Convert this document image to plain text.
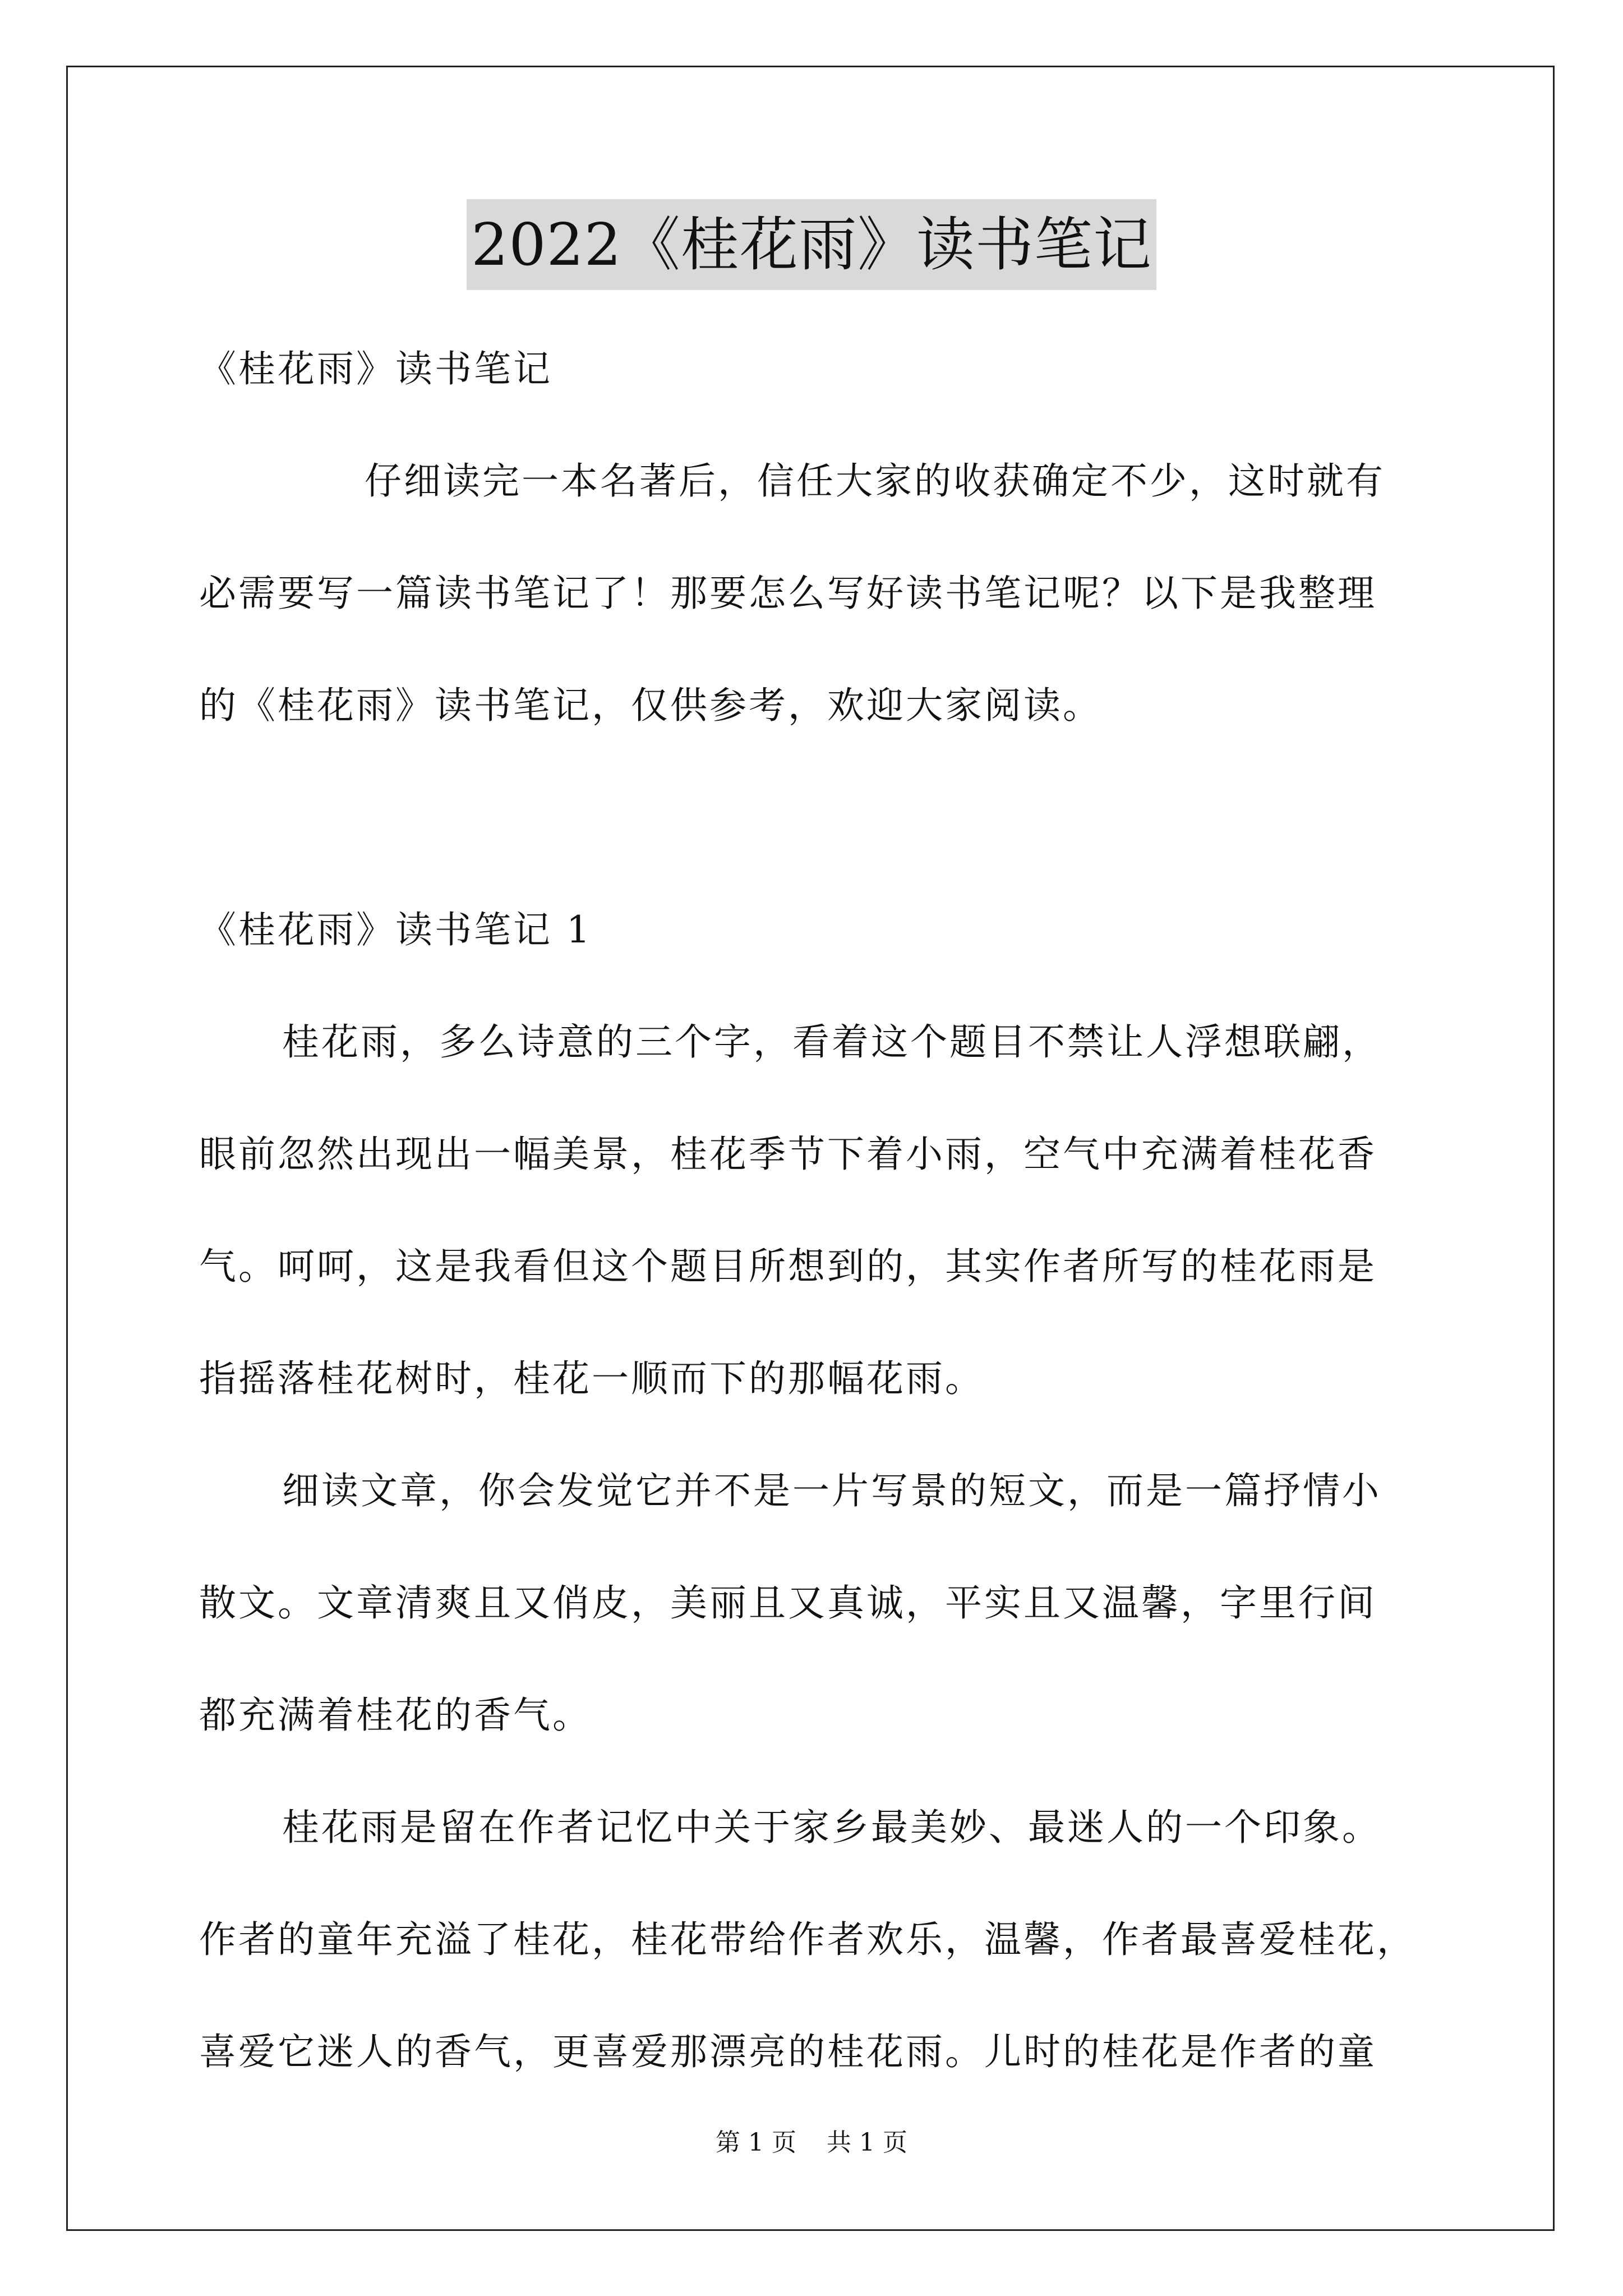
2022《桂花雨》读书笔记
《桂花雨》读书笔记
仔细读完一本名著后，信任大家的收获确定不少，这时就有
必需要写一篇读书笔记了！那要怎么写好读书笔记呢？以下是我整理
的《桂花雨》读书笔记，仅供参考，欢迎大家阅读。
《桂花雨》读书笔记 1
桂花雨，多么诗意的三个字，看着这个题目不禁让人浮想联翩，
眼前忽然出现出一幅美景，桂花季节下着小雨，空气中充满着桂花香
气。呵呵，这是我看但这个题目所想到的，其实作者所写的桂花雨是
指摇落桂花树时，桂花一顺而下的那幅花雨。
细读文章，你会发觉它并不是一片写景的短文，而是一篇抒情小
散文。文章清爽且又俏皮，美丽且又真诚，平实且又温馨，字里行间
都充满着桂花的香气。
桂花雨是留在作者记忆中关于家乡最美妙、最迷人的一个印象。
作者的童年充溢了桂花，桂花带给作者欢乐，温馨，作者最喜爱桂花，
喜爱它迷人的香气，更喜爱那漂亮的桂花雨。儿时的桂花是作者的童
第 1 页 共 1 页
